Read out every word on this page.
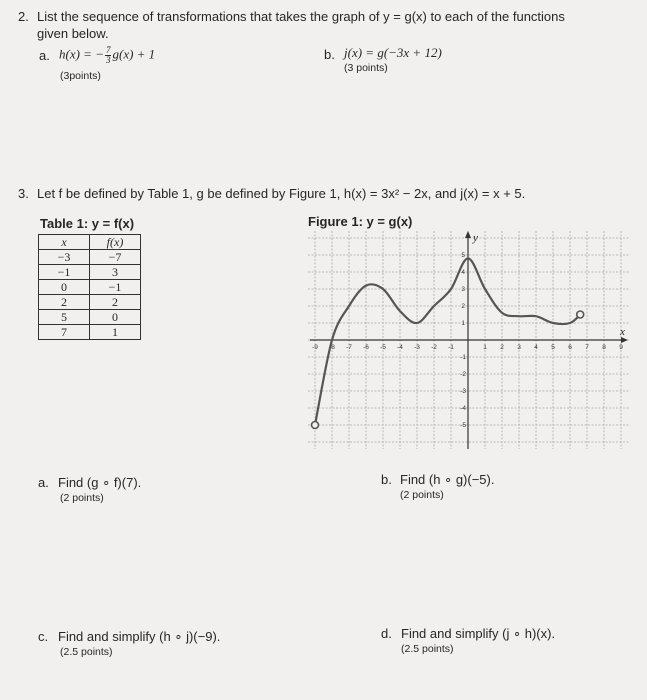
2. List the sequence of transformations that takes the graph of y = g(x) to each of the functions
given below.
a. h(x) = − $\frac{7}{3} g(x) + 1$
(3points)
b. j(x) = g(−3x + 12)
(3 points)
3. Let f be defined by Table 1, g be defined by Figure 1, h(x) = 3x² − 2x, and j(x) = x + 5.
Table 1: y = f(x)	Figure 1: y = g(x)
x	f(x)
−3	−7
−1	3
0	−1
2	2
5	0
7	1
y
x
-9 -8 -7 -6 -5 -4 -3 -2 -1	1 2 3 4 5 6 7 8 9
1
2
3
4
5
-1
-2
-3
-4
-5
a. Find (g ∘ f)(7).
(2 points)
b. Find (h ∘ g)(−5).
(2 points)
c. Find and simplify (h ∘ j)(−9).
(2.5 points)
d. Find and simplify (j ∘ h)(x).
(2.5 points)
